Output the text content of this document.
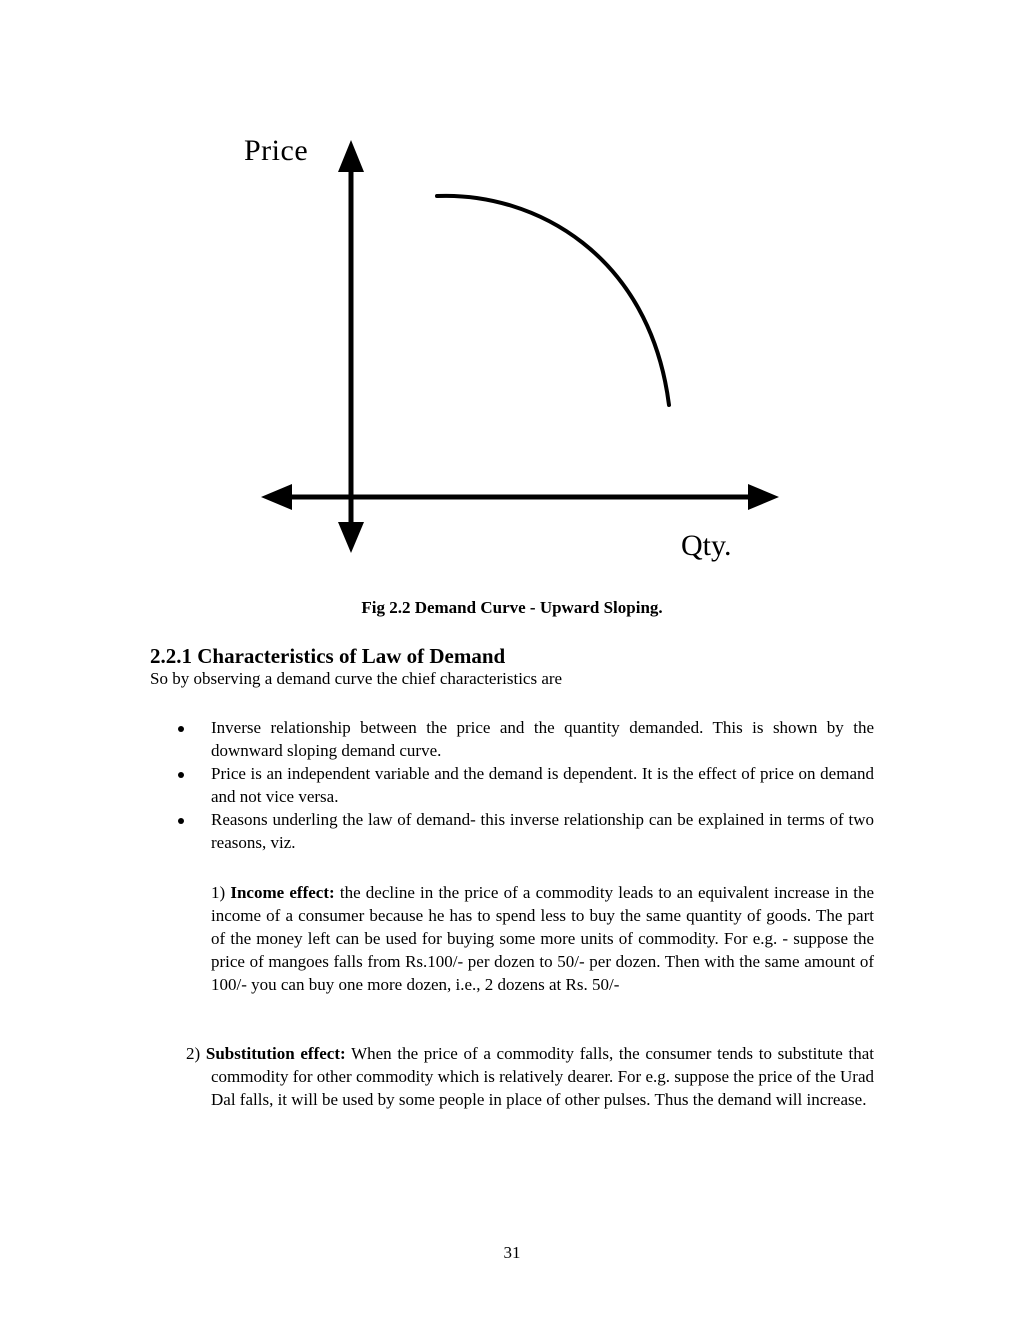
Price
Qty.
Fig 2.2 Demand Curve - Upward Sloping.
2.2.1 Characteristics of Law of Demand
So by observing a demand curve the chief characteristics are
Inverse relationship between the price and the quantity demanded. This is shown by the downward sloping demand curve.
Price is an independent variable and the demand is dependent. It is the effect of price on demand and not vice versa.
Reasons underling the law of demand- this inverse relationship can be explained in terms of two reasons, viz.
1) Income effect: the decline in the price of a commodity leads to an equivalent increase in the income of a consumer because he has to spend less to buy the same quantity of goods. The part of the money left can be used for buying some more units of commodity. For e.g. - suppose the price of mangoes falls from Rs.100/- per dozen to 50/- per dozen. Then with the same amount of 100/- you can buy one more dozen, i.e., 2 dozens at Rs. 50/-
2) Substitution effect: When the price of a commodity falls, the consumer tends to substitute that commodity for other commodity which is relatively dearer. For e.g. suppose the price of the Urad Dal falls, it will be used by some people in place of other pulses. Thus the demand will increase.
31
